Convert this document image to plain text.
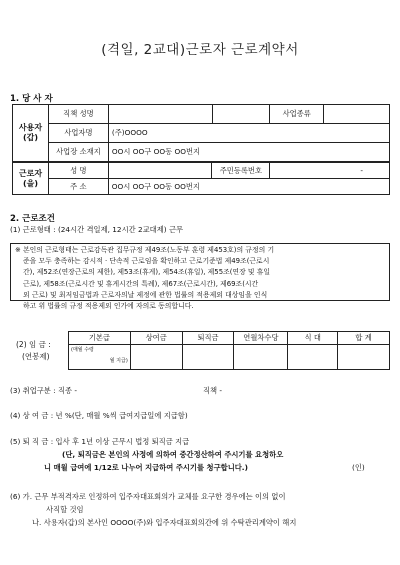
(격일, 2교대)근로자 근로계약서
1. 당 사 자
사용자
(갑)	직책 성명			사업종류	
	사업자명	(주)OOOO			
	사업장 소재지	OO시 OO구 OO동 OO번지			
근로자
(을)	성 명		주민등록번호	-
	주 소	OO시 OO구 OO동 OO번지		
2. 근로조건
(1) 근로형태 : (24시간 격일제, 12시간 2교대제) 근무

※ 본인의 근로형태는 근로감독관 집무규정 제49조(노동부 훈령 제453호)의 규정의 기

준을 모두 충족하는 감시적 · 단속적 근로임을 확인하고 근로기준법 제49조(근로시

간), 제52조(연장근로의 제한), 제53조(휴게), 제54조(휴일), 제55조(연장 및 휴일

근로), 제58조(근로시간 및 휴게시간의 특례), 제67조(근로시간), 제69조(시간

외 근로) 및 최저임금법과 근로자의날 제정에 관한 법률의 적용제외 대상임을 인식

하고 위 법률의 규정 적용제외 인가에 자의로 동의합니다.

(2) 임 금 :
(연봉제)
기본급	상여금	퇴직금	연월차수당	식 대	합 계

(매월 수령
월 지급)					

(3) 취업구분 : 직종 -	직책 -
(4) 상 여 금 : 년 %(단, 매월 %씩 급여지급일에 지급함)
(5) 퇴 직 금 : 입사 후 1년 이상 근무시 법정 퇴직금 지급
(단, 퇴직금은 본인의 사정에 의하여 중간정산하여 주시기를 요청하오
니 매월 급여에 1/12로 나누어 지급하여 주시기를 청구합니다.)	(인)
(6) 가. 근무 부적격자로 인정하여 입주자대표회의가 교체를 요구한 경우에는 이의 없이
사직할 것임
나. 사용자(갑)의 본사인 OOOO(주)와 입주자대표회의간에 위 수탁관리계약이 해지
